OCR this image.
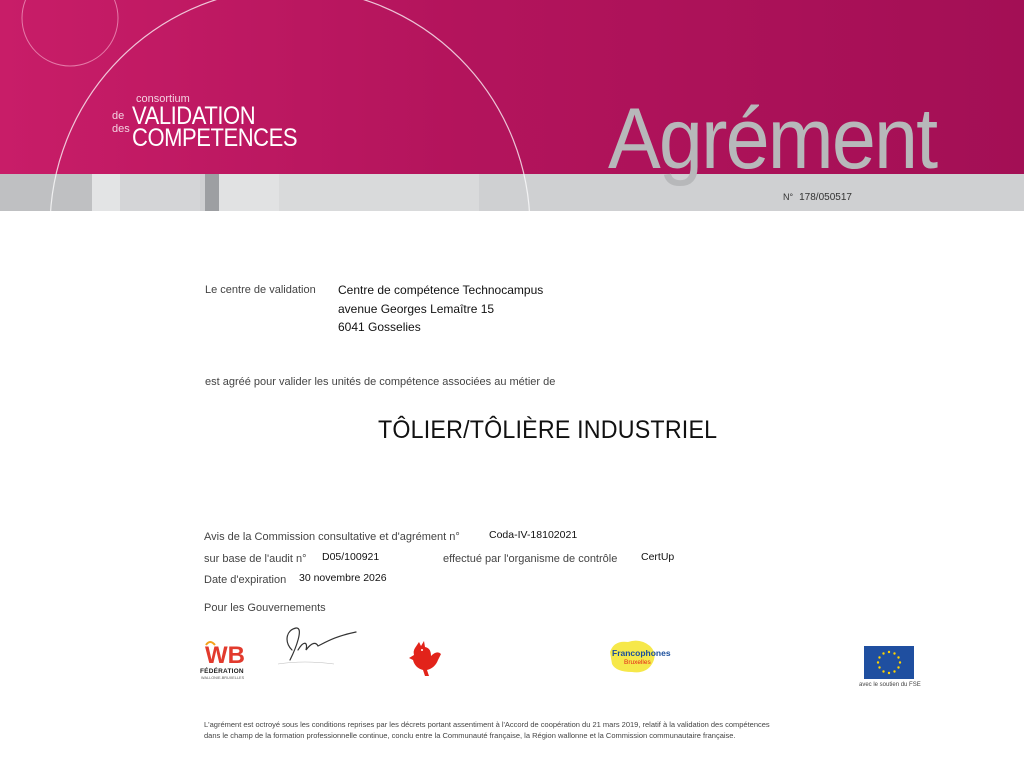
consortium
de VALIDATION
des COMPETENCES	Agrément
N° 178/050517
Le centre de validation Centre de compétence Technocampus
avenue Georges Lemaître 15
6041 Gosselies
est agréé pour valider les unités de compétence associées au métier de
TÔLIER/TÔLIÈRE INDUSTRIEL
Avis de la Commission consultative et d'agrément n°	Coda-IV-18102021
sur base de l'audit n° D05/100921	effectué par l'organisme de contrôle CertUp
Date d'expiration 30 novembre 2026
Pour les Gouvernements
WB
FÉDÉRATION
WALLONIE-BRUXELLES
Francophones
Bruxelles
avec le soutien du FSE
L'agrément est octroyé sous les conditions reprises par les décrets portant assentiment à l'Accord de coopération du 21 mars 2019, relatif à la validation des compétences
dans le champ de la formation professionnelle continue, conclu entre la Communauté française, la Région wallonne et la Commission communautaire française.
